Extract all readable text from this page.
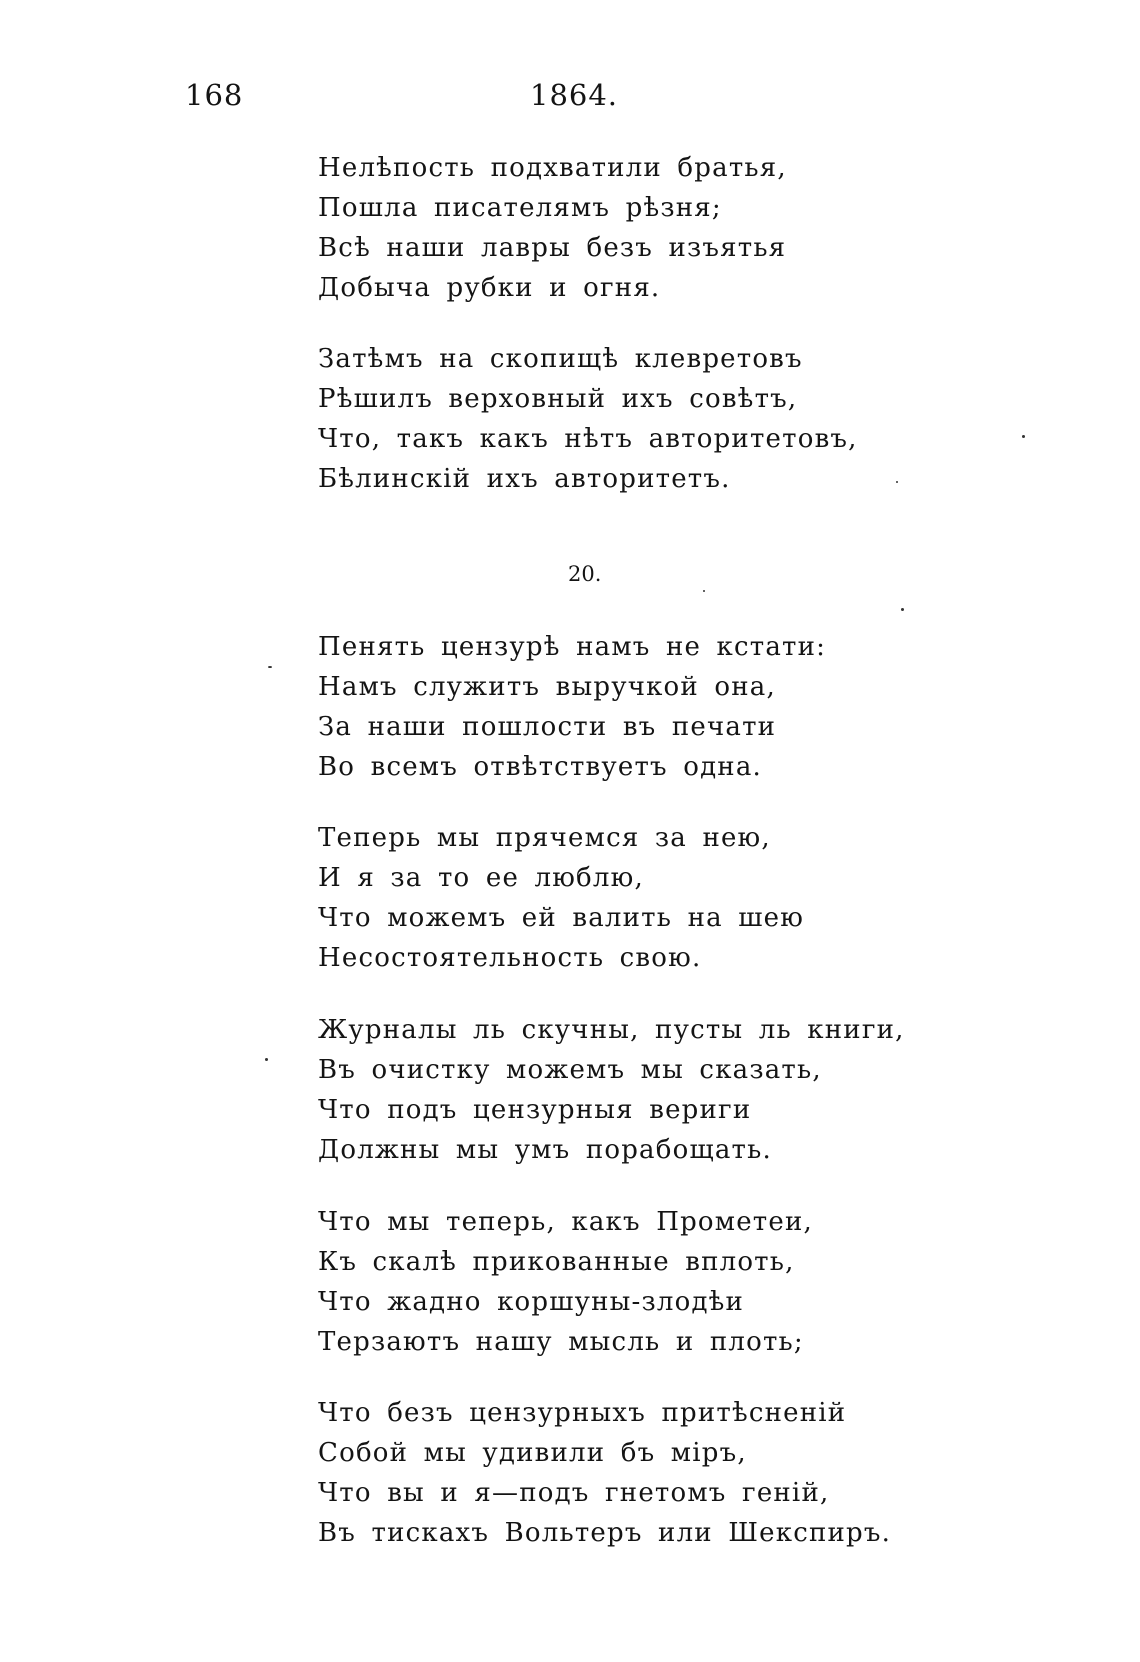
168	1864.
Нелѣпость подхватили братья,
Пошла писателямъ рѣзня;
Всѣ наши лавры безъ изъятья
Добыча рубки и огня.
Затѣмъ на скопищѣ клевретовъ
Рѣшилъ верховный ихъ совѣтъ,
Что, такъ какъ нѣтъ авторитетовъ,
Бѣлинскій ихъ авторитетъ.
20.
Пенять цензурѣ намъ не кстати:
Намъ служитъ выручкой она,
За наши пошлости въ печати
Во всемъ отвѣтствуетъ одна.
Теперь мы прячемся за нею,
И я за то ее люблю,
Что можемъ ей валить на шею
Несостоятельность свою.
Журналы ль скучны, пусты ль книги,
Въ очистку можемъ мы сказать,
Что подъ цензурныя вериги
Должны мы умъ порабощать.
Что мы теперь, какъ Прометеи,
Къ скалѣ прикованные вплоть,
Что жадно коршуны-злодѣи
Терзаютъ нашу мысль и плоть;
Что безъ цензурныхъ притѣсненій
Собой мы удивили бъ міръ,
Что вы и я—подъ гнетомъ геній,
Въ тискахъ Вольтеръ или Шекспиръ.
